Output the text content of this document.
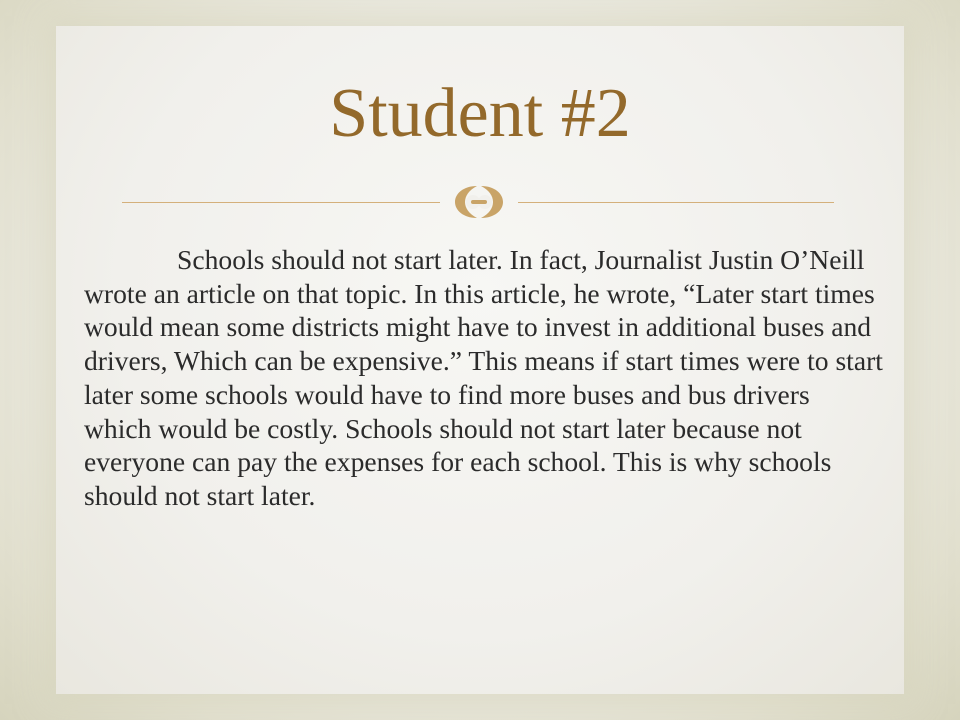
Student #2

Schools should not start later. In fact, Journalist Justin O’Neill wrote an article on that topic. In this article, he wrote, “Later start times would mean some districts might have to invest in additional buses and drivers, Which can be expensive.” This means if start times were to start later some schools would have to find more buses and bus drivers which would be costly. Schools should not start later because not everyone can pay the expenses for each school. This is why schools should not start later.
